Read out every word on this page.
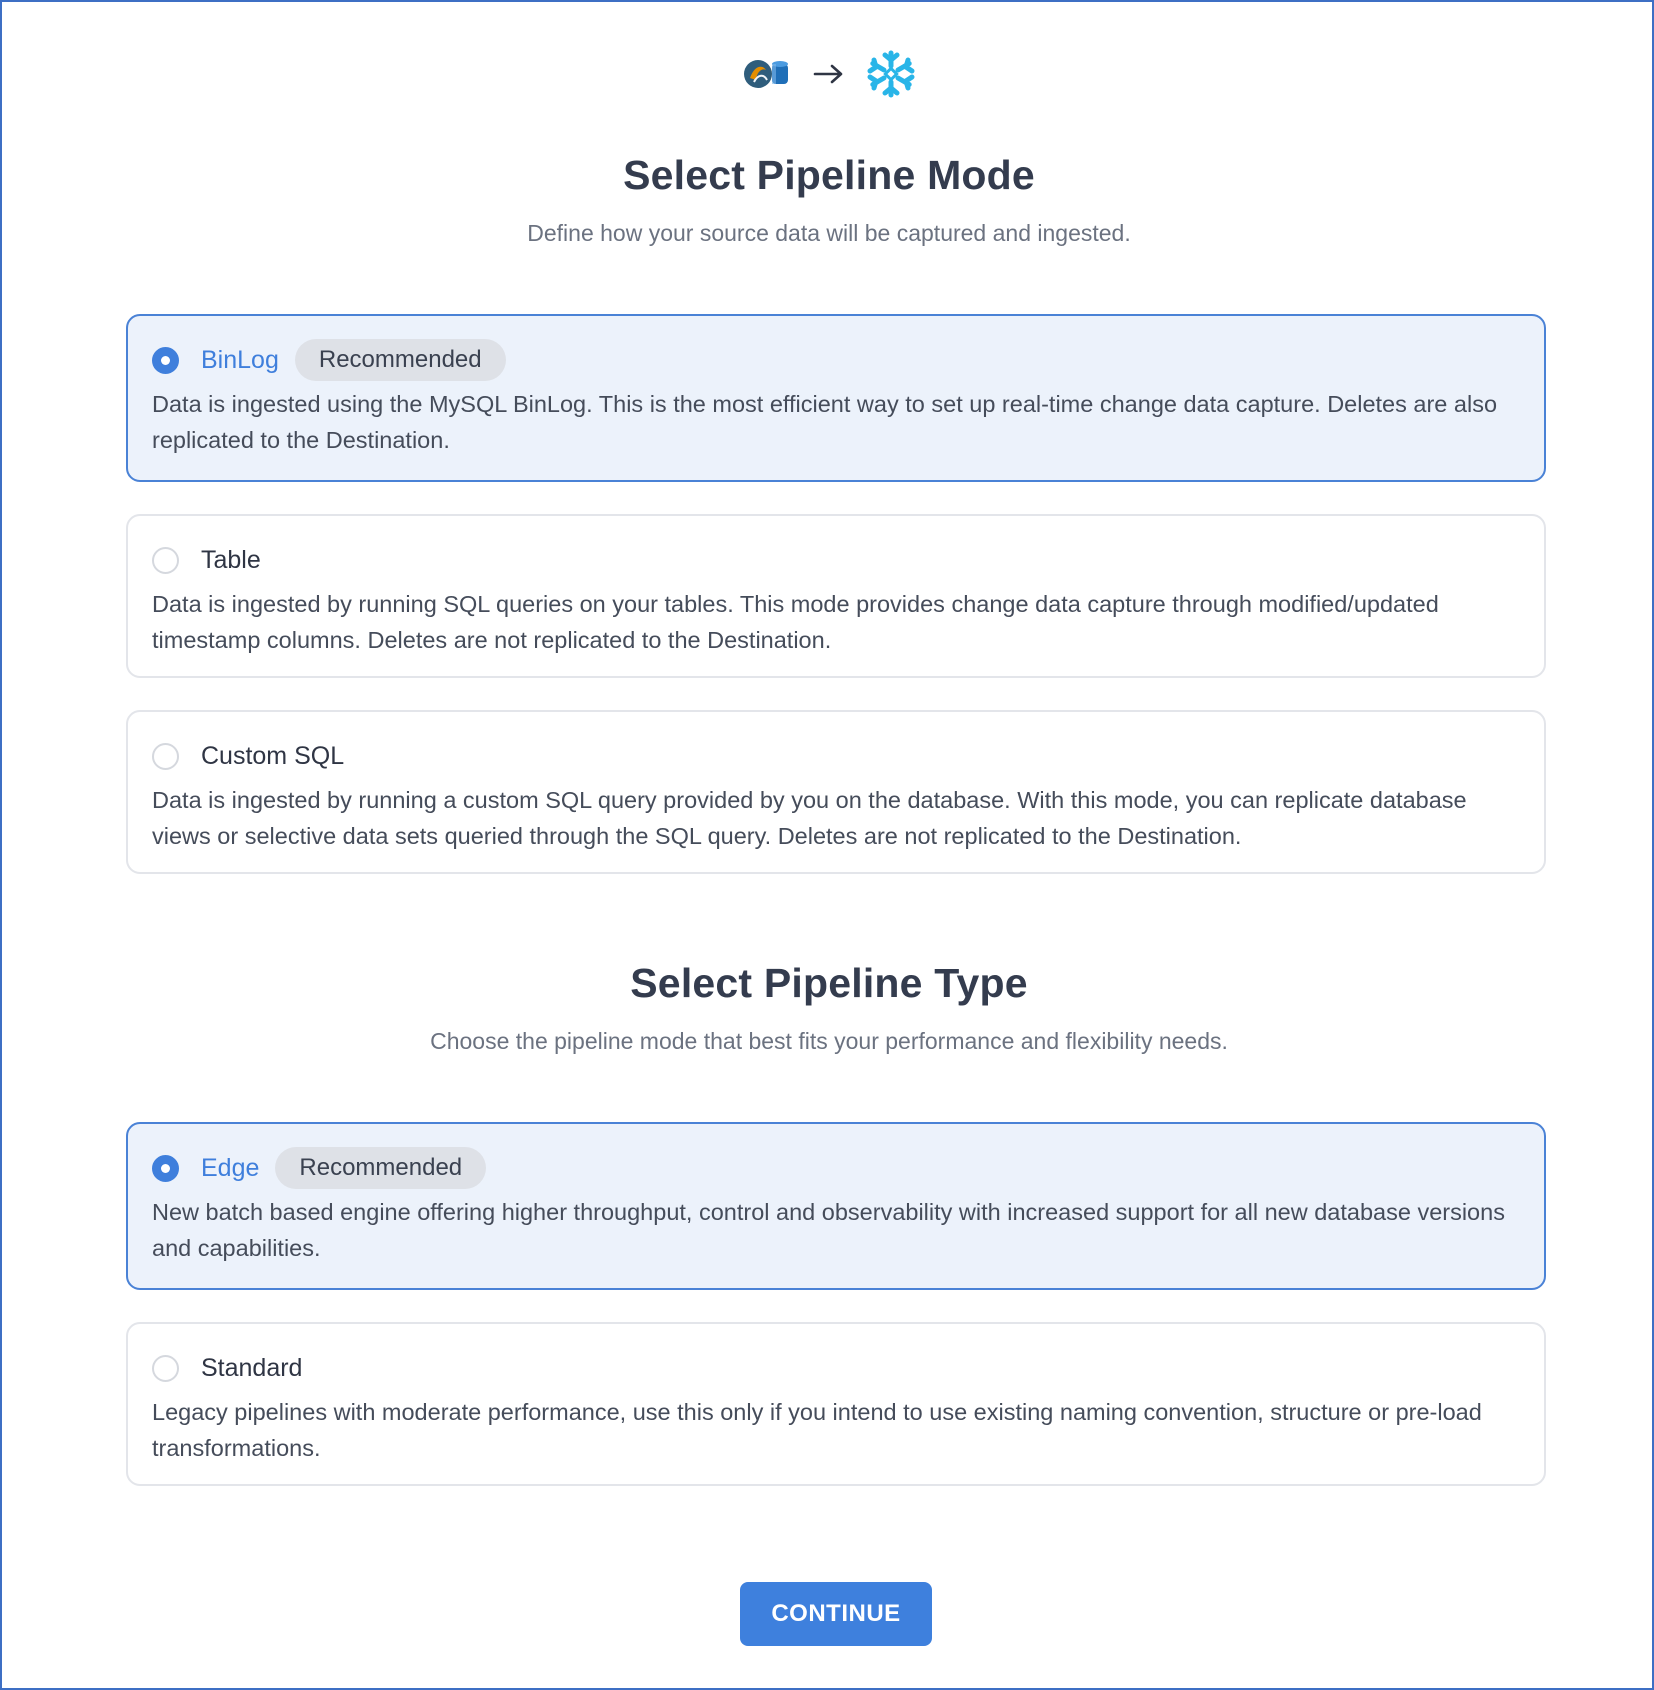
Select Pipeline Mode

Define how your source data will be captured and ingested.

BinLog	Recommended

Data is ingested using the MySQL BinLog. This is the most efficient way to set up real-time change data capture. Deletes are also replicated to the Destination.

Table

Data is ingested by running SQL queries on your tables. This mode provides change data capture through modified/updated timestamp columns. Deletes are not replicated to the Destination.

Custom SQL

Data is ingested by running a custom SQL query provided by you on the database. With this mode, you can replicate database views or selective data sets queried through the SQL query. Deletes are not replicated to the Destination.

Select Pipeline Type

Choose the pipeline mode that best fits your performance and flexibility needs.

Edge	Recommended

New batch based engine offering higher throughput, control and observability with increased support for all new database versions and capabilities.

Standard

Legacy pipelines with moderate performance, use this only if you intend to use existing naming convention, structure or pre-load transformations.

CONTINUE
